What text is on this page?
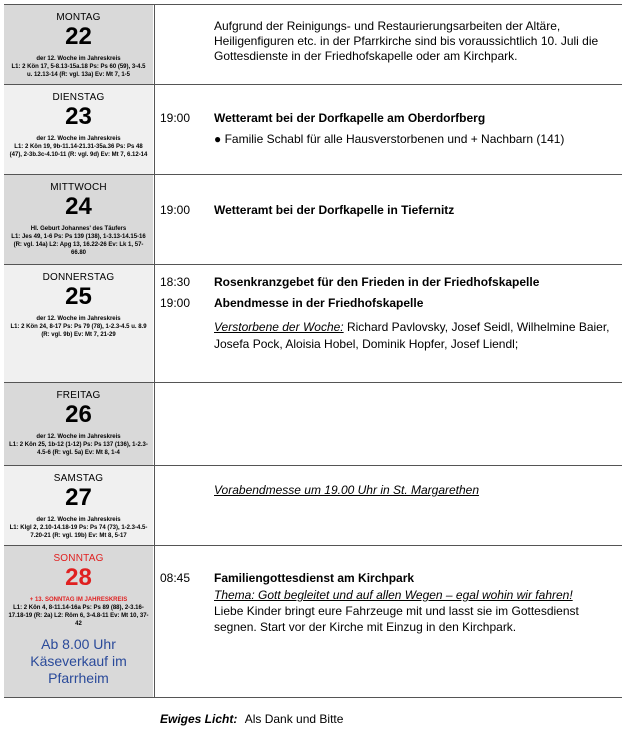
MONTAG
22
der 12. Woche im Jahreskreis
L1: 2 Kön 17, 5-8.13-15a.18 Ps: Ps 60 (59), 3-4.5 u. 12.13-14 (R: vgl. 13a) Ev: Mt 7, 1-5
Aufgrund der Reinigungs- und Restaurierungsarbeiten der Altäre, Heiligenfiguren etc. in der Pfarrkirche sind bis voraussichtlich 10. Juli die Gottesdienste in der Friedhofskapelle oder am Kirchpark.
DIENSTAG
23
der 12. Woche im Jahreskreis
L1: 2 Kön 19, 9b-11.14-21.31-35a.36 Ps: Ps 48 (47), 2-3b.3c-4.10-11 (R: vgl. 9d) Ev: Mt 7, 6.12-14
19:00	Wetteramt bei der Dorfkapelle am Oberdorfberg
● Familie Schabl für alle Hausverstorbenen und + Nachbarn (141)
MITTWOCH
24
Hl. Geburt Johannes' des Täufers
L1: Jes 49, 1-6 Ps: Ps 139 (138), 1-3.13-14.15-16 (R: vgl. 14a) L2: Apg 13, 16.22-26 Ev: Lk 1, 57-66.80
19:00	Wetteramt bei der Dorfkapelle in Tiefernitz
DONNERSTAG
25
der 12. Woche im Jahreskreis
L1: 2 Kön 24, 8-17 Ps: Ps 79 (78), 1-2.3-4.5 u. 8.9 (R: vgl. 9b) Ev: Mt 7, 21-29
18:30	Rosenkranzgebet für den Frieden in der Friedhofskapelle
19:00	Abendmesse in der Friedhofskapelle
Verstorbene der Woche: Richard Pavlovsky, Josef Seidl, Wilhelmine Baier, Josefa Pock, Aloisia Hobel, Dominik Hopfer, Josef Liendl;
FREITAG
26
der 12. Woche im Jahreskreis
L1: 2 Kön 25, 1b-12 (1-12) Ps: Ps 137 (136), 1-2.3-4.5-6 (R: vgl. 5a) Ev: Mt 8, 1-4
SAMSTAG
27
der 12. Woche im Jahreskreis
L1: Klgl 2, 2.10-14.18-19 Ps: Ps 74 (73), 1-2.3-4.5-7.20-21 (R: vgl. 19b) Ev: Mt 8, 5-17
Vorabendmesse um 19.00 Uhr in St. Margarethen
SONNTAG
28
+ 13. SONNTAG IM JAHRESKREIS
L1: 2 Kön 4, 8-11.14-16a Ps: Ps 89 (88), 2-3.16-17.18-19 (R: 2a) L2: Röm 6, 3-4.8-11 Ev: Mt 10, 37-42
Ab 8.00 Uhr Käseverkauf im Pfarrheim
08:45	Familiengottesdienst am Kirchpark
Thema: Gott begleitet und auf allen Wegen – egal wohin wir fahren!
Liebe Kinder bringt eure Fahrzeuge mit und lasst sie im Gottesdienst segnen. Start vor der Kirche mit Einzug in den Kirchpark.
Ewiges Licht: Als Dank und Bitte
